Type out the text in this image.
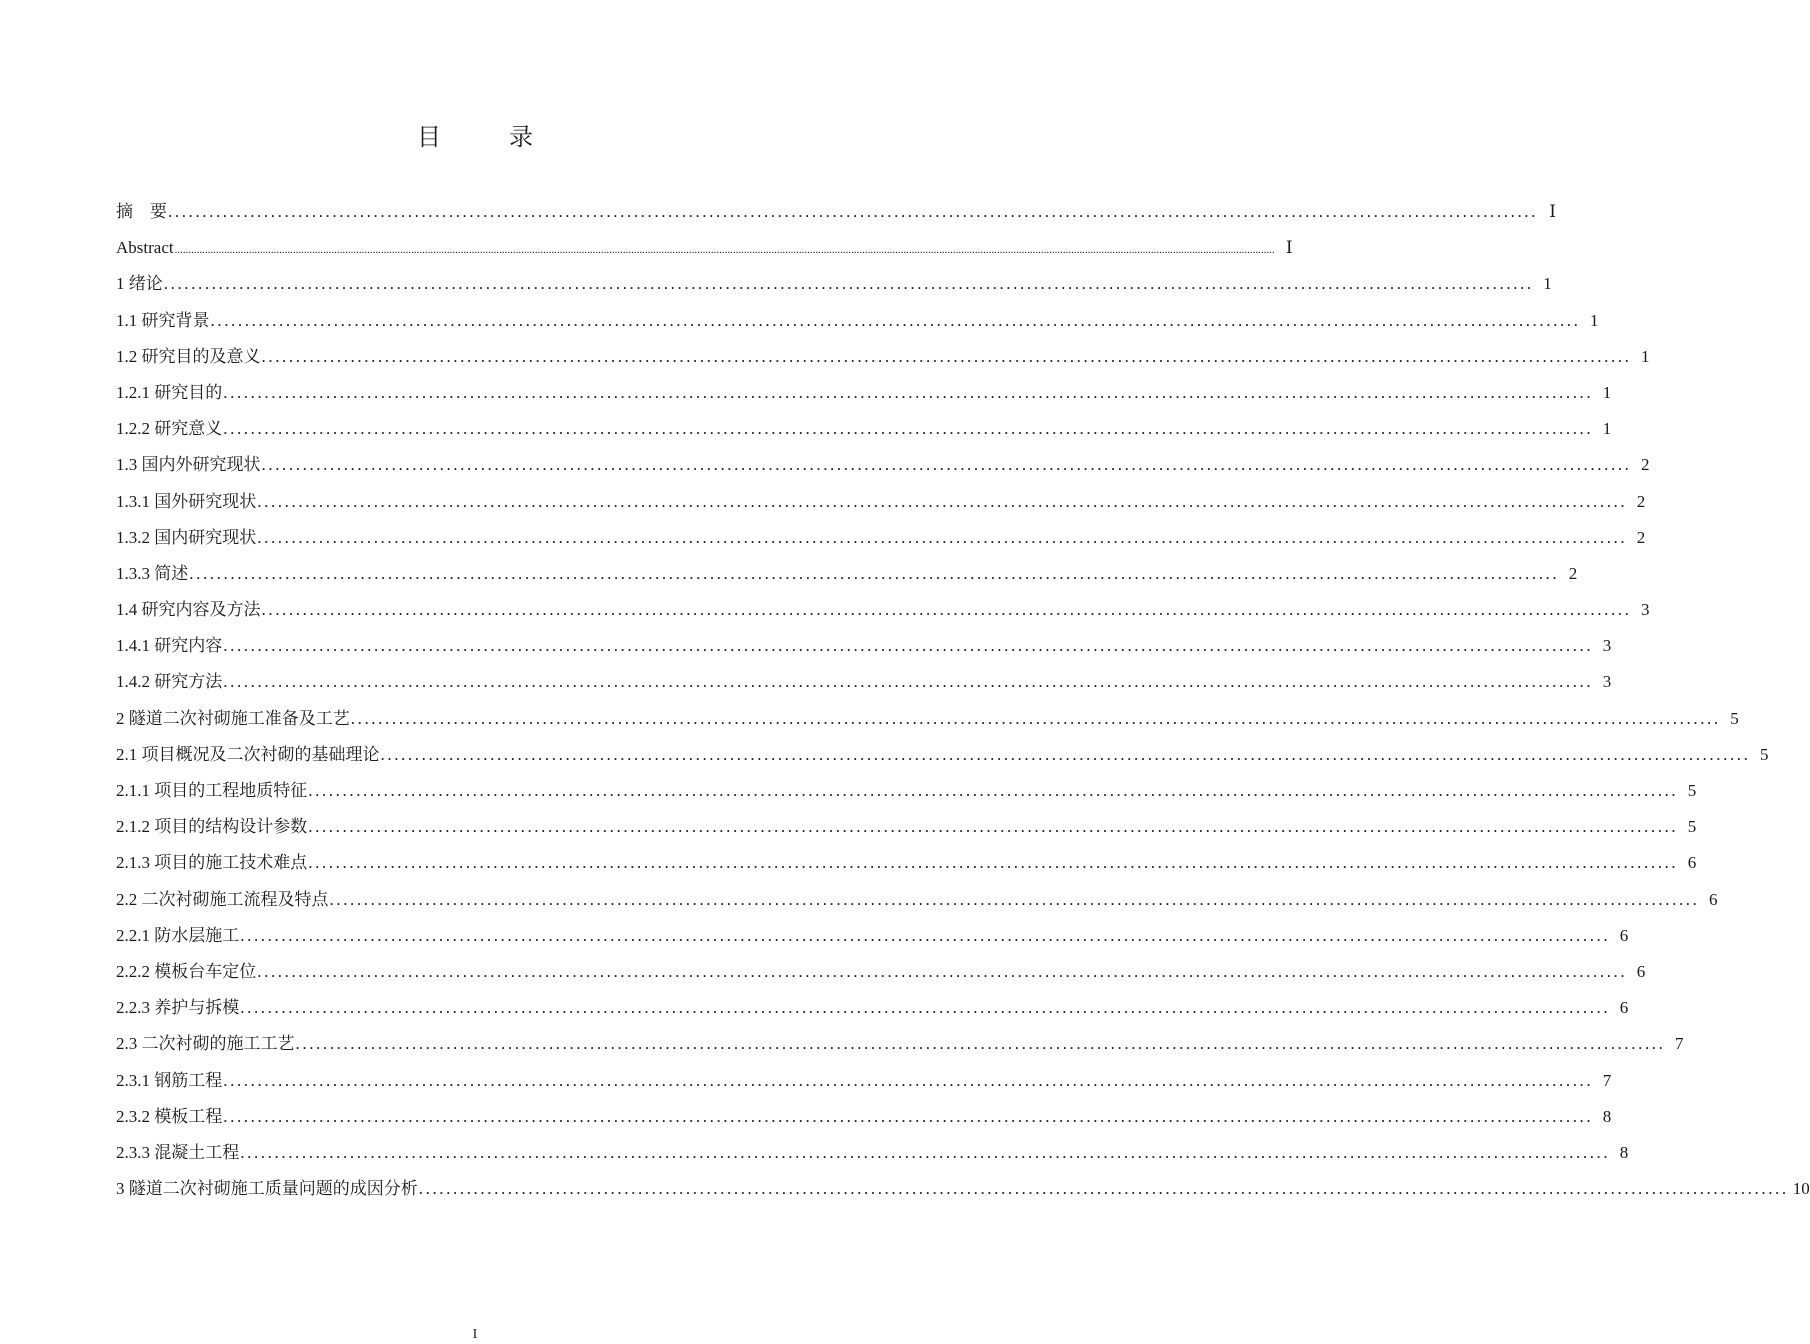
目　录
摘　要 ........................................................................................................................................................................................................ Ⅰ
Abstract ................................................................................................................................................................................................................................................................................................................................................................................................................ Ⅰ
1 绪论 ........................................................................................................................................................................................................ 1
1.1 研究背景 ........................................................................................................................................................................................................ 1
1.2 研究目的及意义 ........................................................................................................................................................................................................ 1
1.2.1 研究目的 ........................................................................................................................................................................................................ 1
1.2.2 研究意义 ........................................................................................................................................................................................................ 1
1.3 国内外研究现状 ........................................................................................................................................................................................................ 2
1.3.1 国外研究现状 ........................................................................................................................................................................................................ 2
1.3.2 国内研究现状 ........................................................................................................................................................................................................ 2
1.3.3 简述 ........................................................................................................................................................................................................ 2
1.4 研究内容及方法 ........................................................................................................................................................................................................ 3
1.4.1 研究内容 ........................................................................................................................................................................................................ 3
1.4.2 研究方法 ........................................................................................................................................................................................................ 3
2 隧道二次衬砌施工准备及工艺 ........................................................................................................................................................................................................ 5
2.1 项目概况及二次衬砌的基础理论 ........................................................................................................................................................................................................ 5
2.1.1 项目的工程地质特征 ........................................................................................................................................................................................................ 5
2.1.2 项目的结构设计参数 ........................................................................................................................................................................................................ 5
2.1.3 项目的施工技术难点 ........................................................................................................................................................................................................ 6
2.2 二次衬砌施工流程及特点 ........................................................................................................................................................................................................ 6
2.2.1 防水层施工 ........................................................................................................................................................................................................ 6
2.2.2 模板台车定位 ........................................................................................................................................................................................................ 6
2.2.3 养护与拆模 ........................................................................................................................................................................................................ 6
2.3 二次衬砌的施工工艺 ........................................................................................................................................................................................................ 7
2.3.1 钢筋工程 ........................................................................................................................................................................................................ 7
2.3.2 模板工程 ........................................................................................................................................................................................................ 8
2.3.3 混凝土工程 ........................................................................................................................................................................................................ 8
3 隧道二次衬砌施工质量问题的成因分析 ........................................................................................................................................................................................................ 10
I
